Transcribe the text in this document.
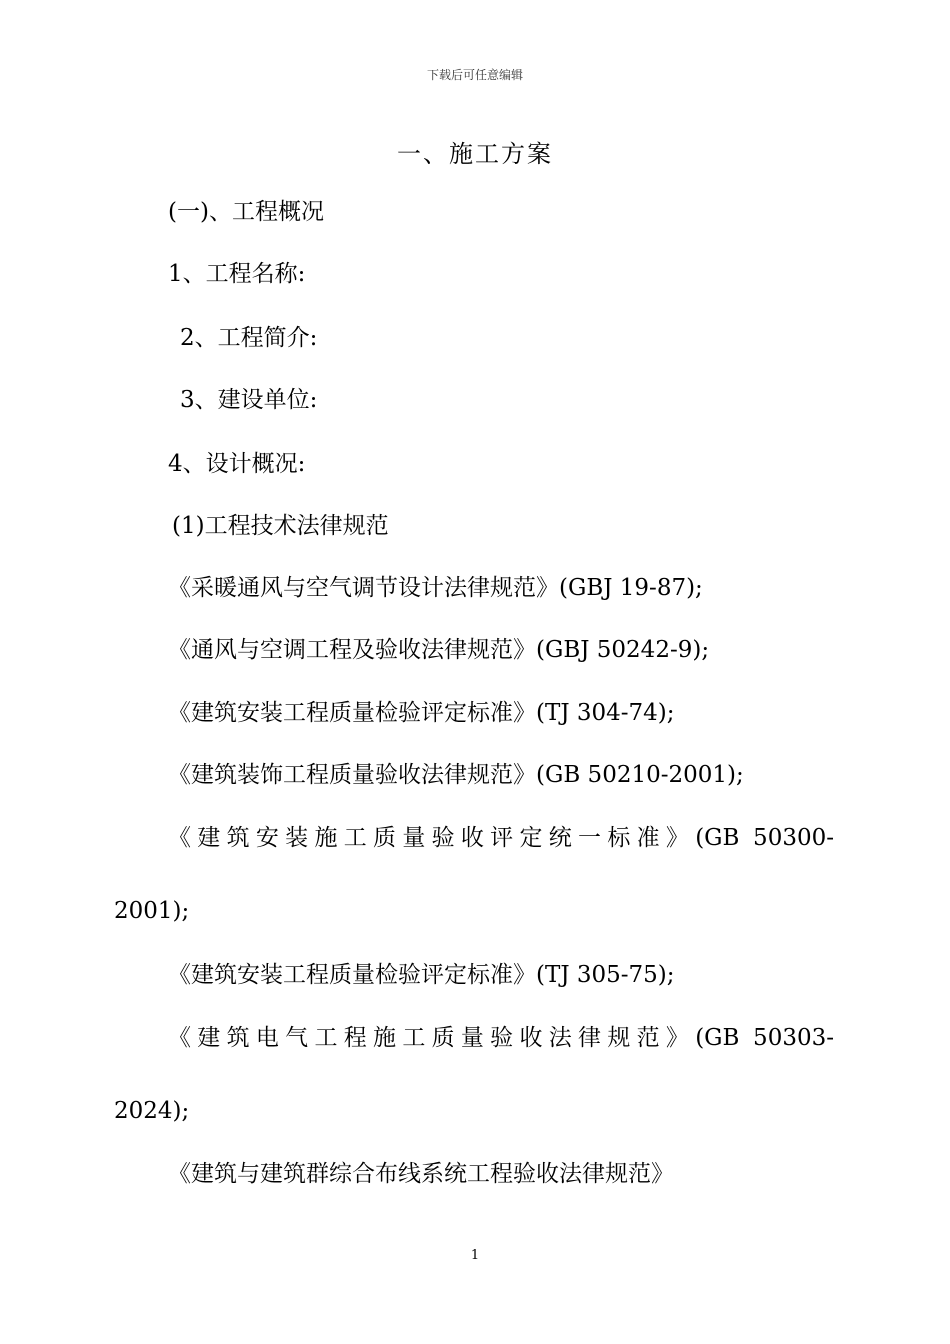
下载后可任意编辑
一、施工方案
(一)、工程概况
1、工程名称:
2、工程简介:
3、建设单位:
4、设计概况:
(1)工程技术法律规范
《采暖通风与空气调节设计法律规范》(GBJ 19-87);
《通风与空调工程及验收法律规范》(GBJ 50242-9);
《建筑安装工程质量检验评定标准》(TJ 304-74);
《建筑装饰工程质量验收法律规范》(GB 50210-2001);
《建筑安装施工质量验收评定统一标准》(GB 50300-
2001);
《建筑安装工程质量检验评定标准》(TJ 305-75);
《建筑电气工程施工质量验收法律规范》(GB 50303-
2024);
《建筑与建筑群综合布线系统工程验收法律规范》
1
